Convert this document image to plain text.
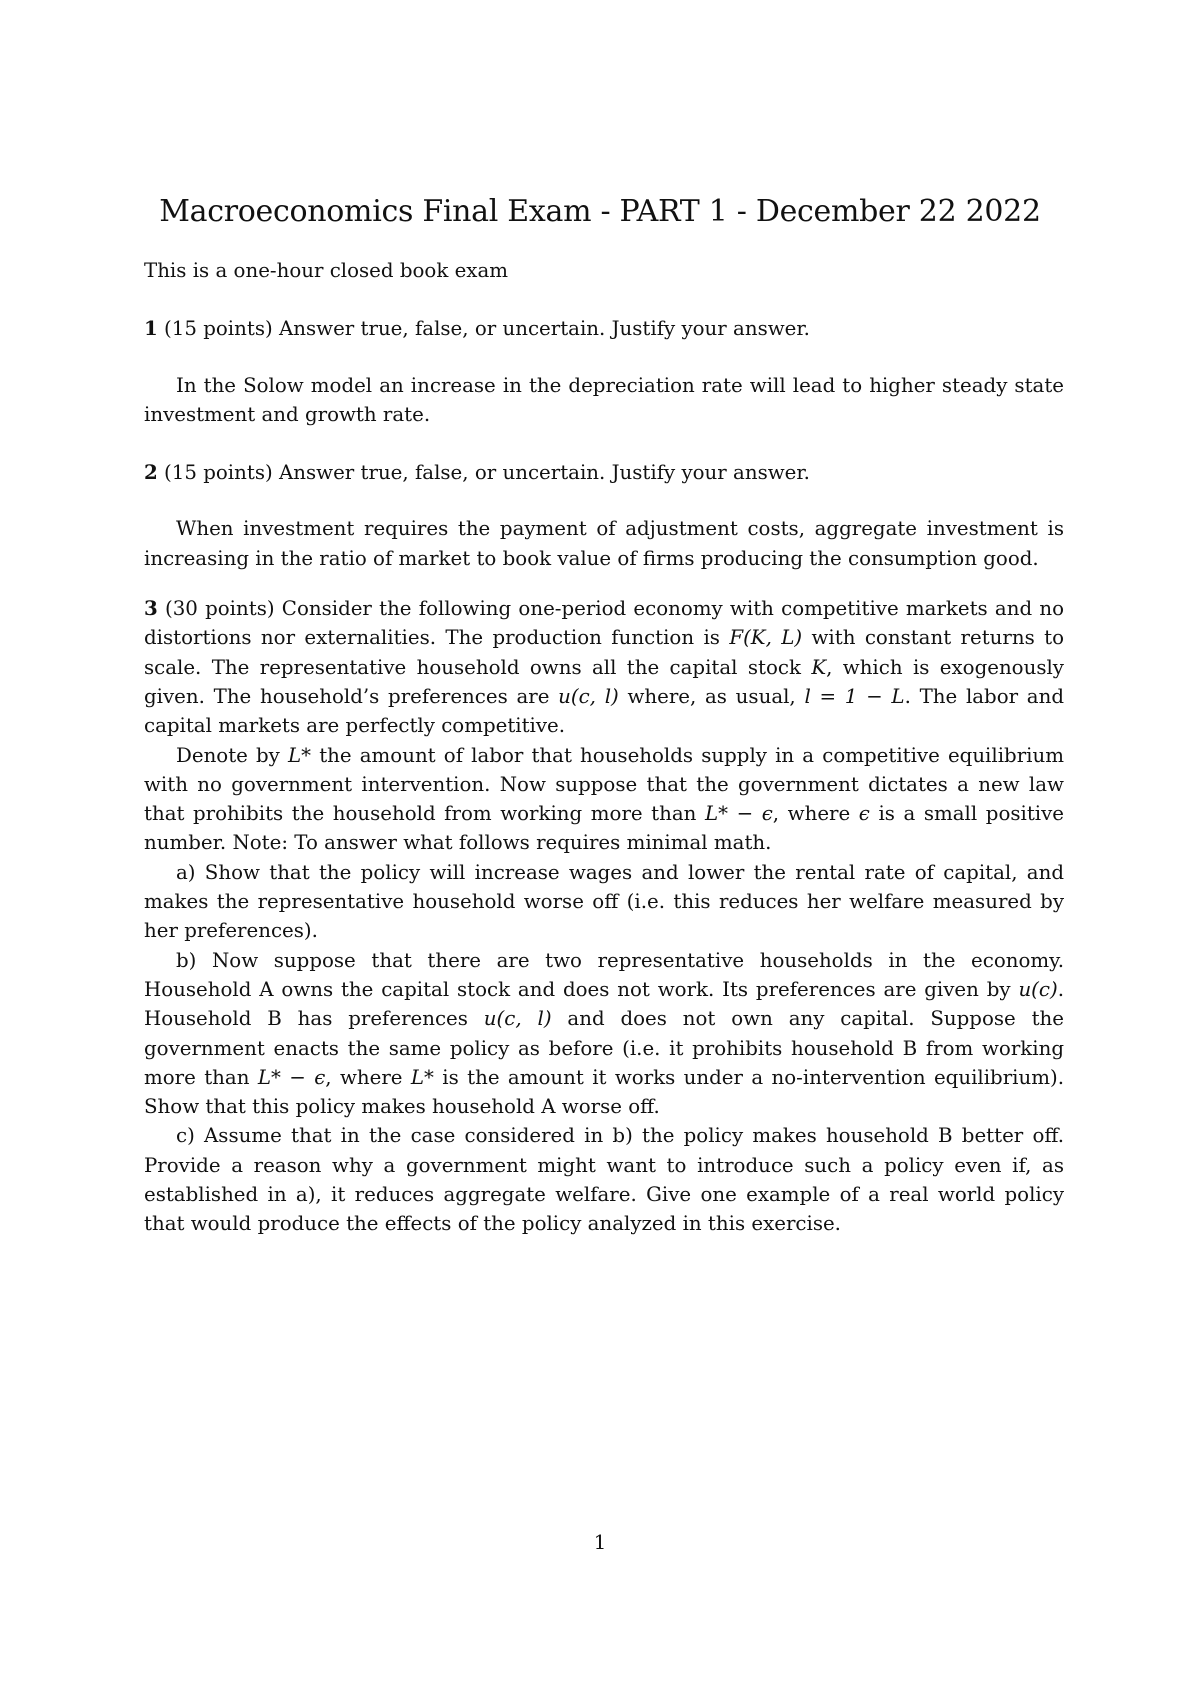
Macroeconomics Final Exam - PART 1 - December 22 2022

This is a one-hour closed book exam

1 (15 points) Answer true, false, or uncertain. Justify your answer.

In the Solow model an increase in the depreciation rate will lead to higher steady state investment and growth rate.

2 (15 points) Answer true, false, or uncertain. Justify your answer.

When investment requires the payment of adjustment costs, aggregate investment is increasing in the ratio of market to book value of firms producing the consumption good.

3 (30 points) Consider the following one-period economy with competitive markets and no distortions nor externalities. The production function is F(K, L) with constant returns to scale. The representative household owns all the capital stock K, which is exogenously given. The household’s preferences are u(c, l) where, as usual, l = 1 − L. The labor and capital markets are perfectly competitive.

Denote by L* the amount of labor that households supply in a competitive equilibrium with no government intervention. Now suppose that the government dictates a new law that prohibits the household from working more than L* − ϵ, where ϵ is a small positive number. Note: To answer what follows requires minimal math.

a) Show that the policy will increase wages and lower the rental rate of capital, and makes the representative household worse off (i.e. this reduces her welfare measured by her preferences).

b) Now suppose that there are two representative households in the economy. Household A owns the capital stock and does not work. Its preferences are given by u(c). Household B has preferences u(c, l) and does not own any capital. Suppose the government enacts the same policy as before (i.e. it prohibits household B from working more than L* − ϵ, where L* is the amount it works under a no-intervention equilibrium). Show that this policy makes household A worse off.

c) Assume that in the case considered in b) the policy makes household B better off. Provide a reason why a government might want to introduce such a policy even if, as established in a), it reduces aggregate welfare. Give one example of a real world policy that would produce the effects of the policy analyzed in this exercise.

1
